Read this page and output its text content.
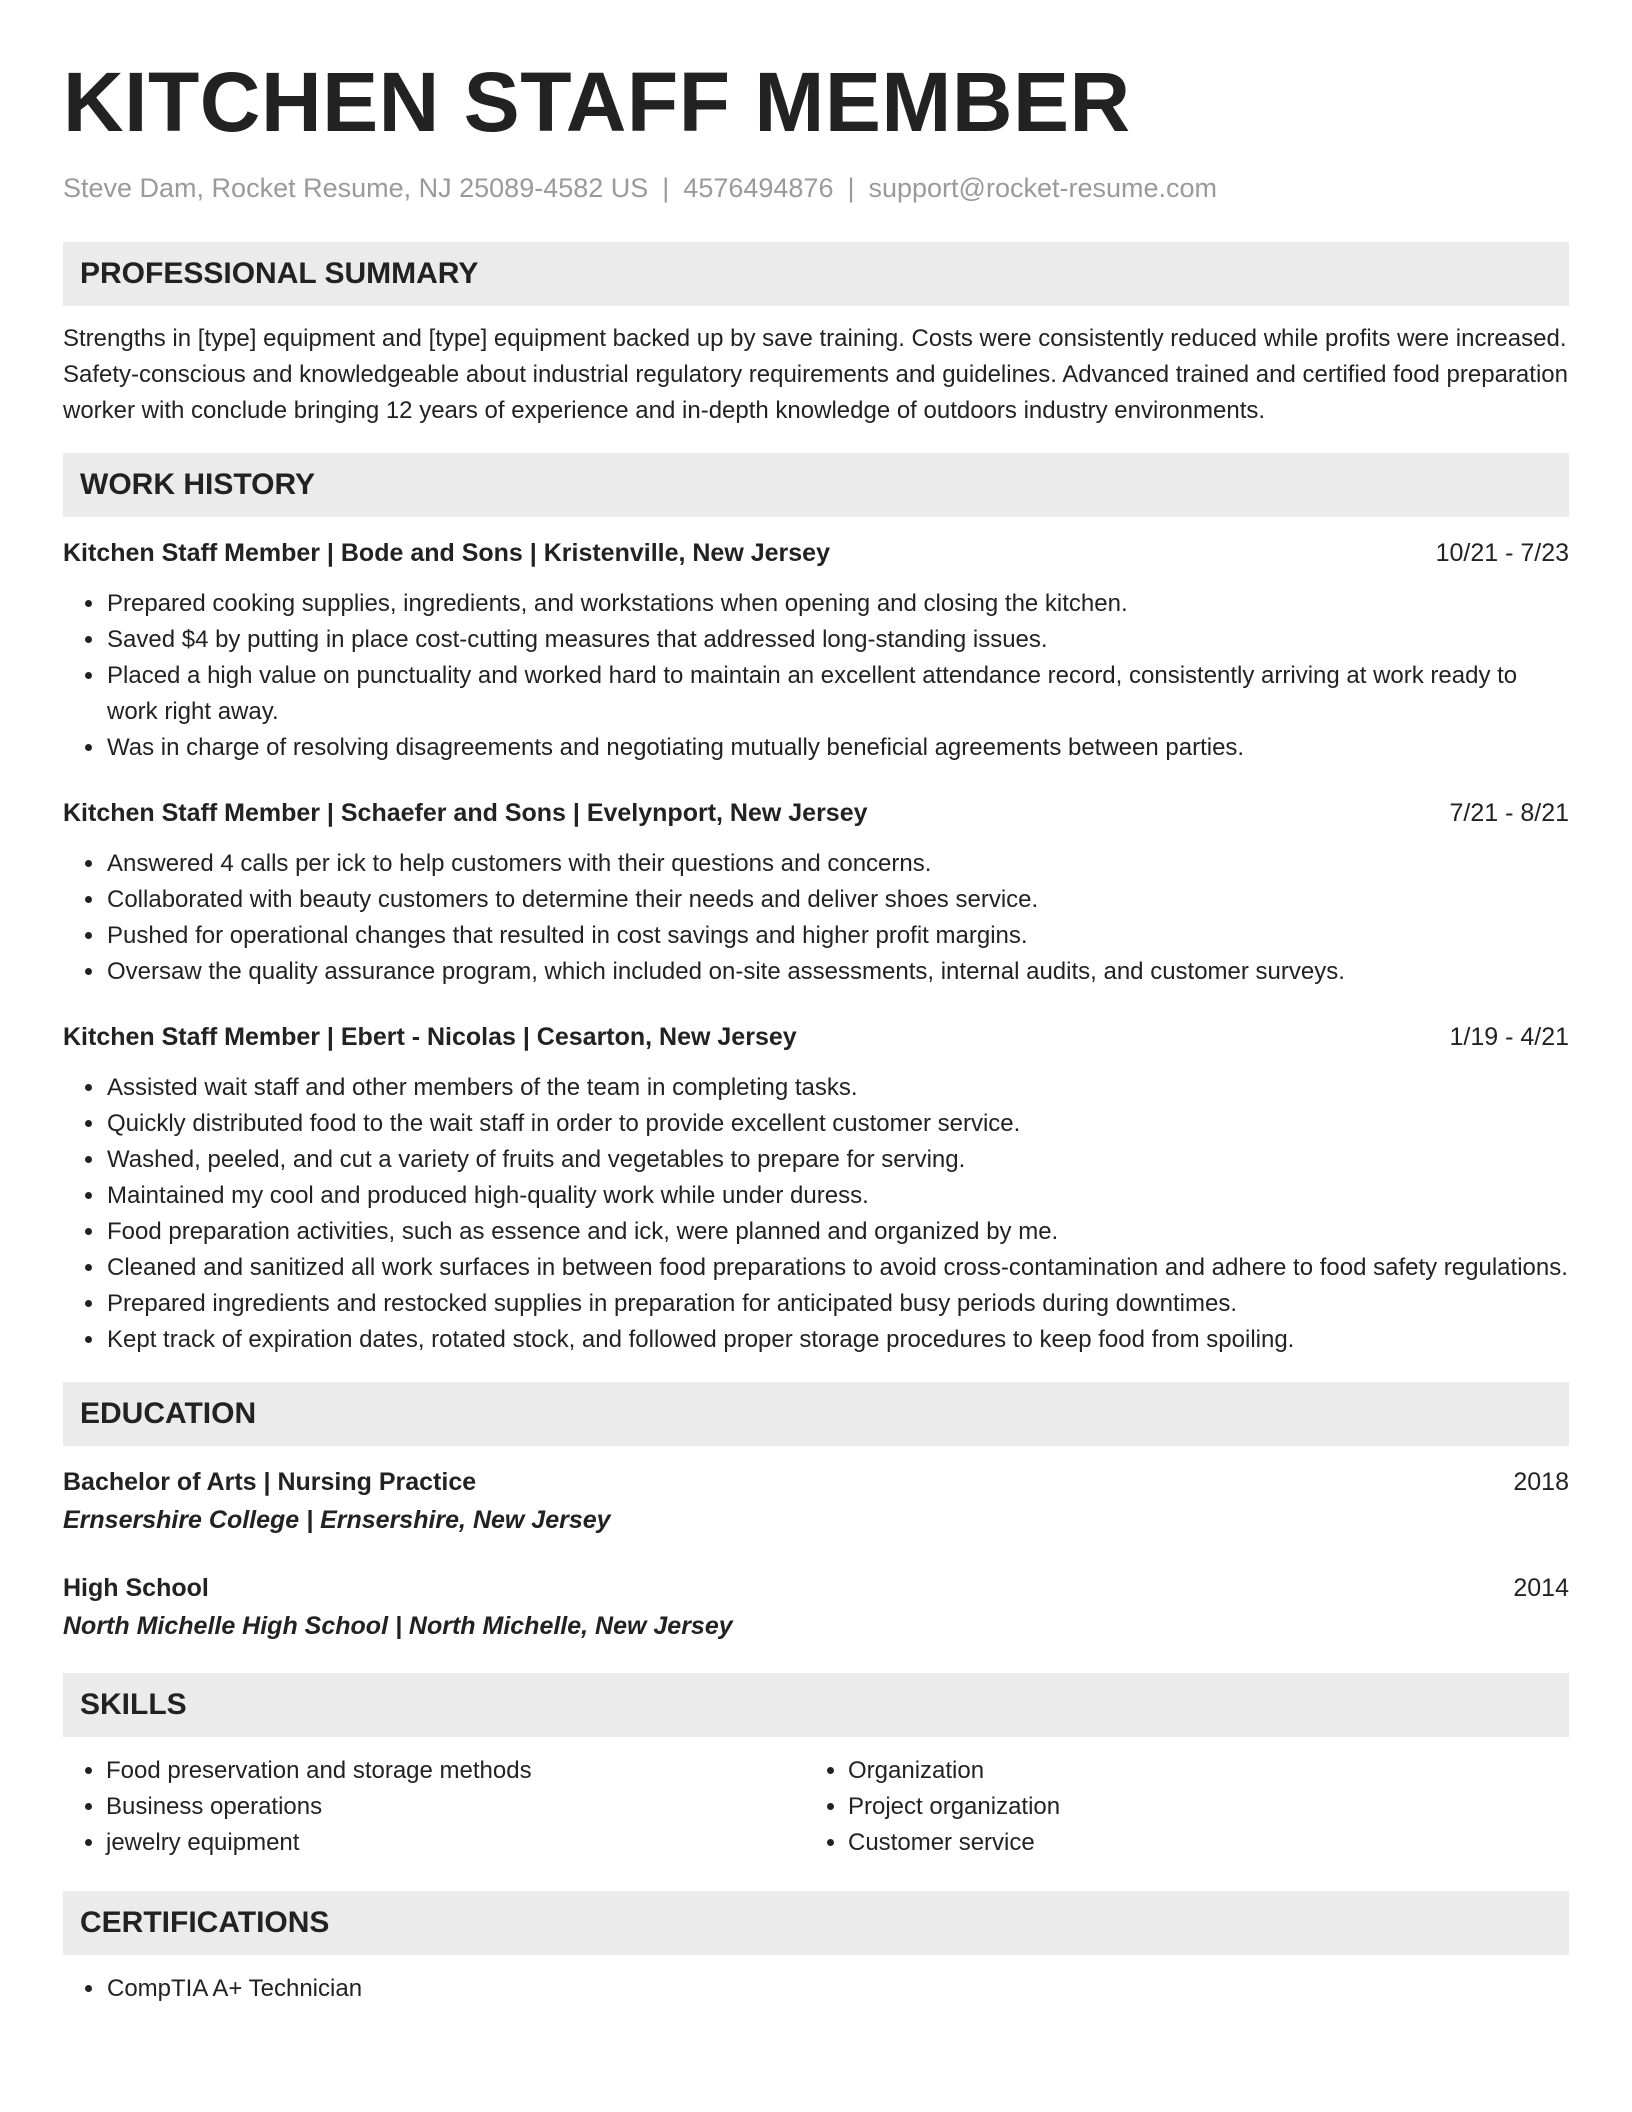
KITCHEN STAFF MEMBER
Steve Dam, Rocket Resume, NJ 25089-4582 US | 4576494876 | support@rocket-resume.com
PROFESSIONAL SUMMARY
Strengths in [type] equipment and [type] equipment backed up by save training. Costs were consistently reduced while profits were increased. Safety-conscious and knowledgeable about industrial regulatory requirements and guidelines. Advanced trained and certified food preparation worker with conclude bringing 12 years of experience and in-depth knowledge of outdoors industry environments.
WORK HISTORY
Kitchen Staff Member | Bode and Sons | Kristenville, New Jersey	10/21 - 7/23
• Prepared cooking supplies, ingredients, and workstations when opening and closing the kitchen.
• Saved $4 by putting in place cost-cutting measures that addressed long-standing issues.
• Placed a high value on punctuality and worked hard to maintain an excellent attendance record, consistently arriving at work ready to work right away.
• Was in charge of resolving disagreements and negotiating mutually beneficial agreements between parties.
Kitchen Staff Member | Schaefer and Sons | Evelynport, New Jersey	7/21 - 8/21
• Answered 4 calls per ick to help customers with their questions and concerns.
• Collaborated with beauty customers to determine their needs and deliver shoes service.
• Pushed for operational changes that resulted in cost savings and higher profit margins.
• Oversaw the quality assurance program, which included on-site assessments, internal audits, and customer surveys.
Kitchen Staff Member | Ebert - Nicolas | Cesarton, New Jersey	1/19 - 4/21
• Assisted wait staff and other members of the team in completing tasks.
• Quickly distributed food to the wait staff in order to provide excellent customer service.
• Washed, peeled, and cut a variety of fruits and vegetables to prepare for serving.
• Maintained my cool and produced high-quality work while under duress.
• Food preparation activities, such as essence and ick, were planned and organized by me.
• Cleaned and sanitized all work surfaces in between food preparations to avoid cross-contamination and adhere to food safety regulations.
• Prepared ingredients and restocked supplies in preparation for anticipated busy periods during downtimes.
• Kept track of expiration dates, rotated stock, and followed proper storage procedures to keep food from spoiling.
EDUCATION
Bachelor of Arts | Nursing Practice	2018
Ernsershire College | Ernsershire, New Jersey
High School	2014
North Michelle High School | North Michelle, New Jersey
SKILLS
• Food preservation and storage methods
• Business operations
• jewelry equipment
• Organization
• Project organization
• Customer service
CERTIFICATIONS
• CompTIA A+ Technician
